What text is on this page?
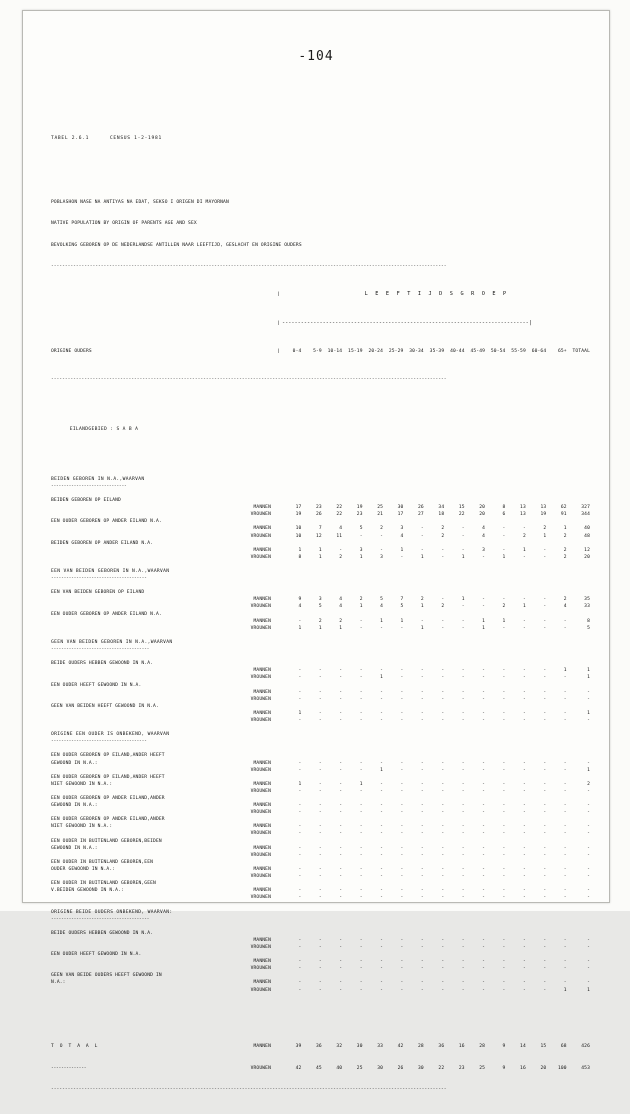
-104

TABEL 2.6.1	CENSUS 1-2-1981

POBLASHON NASE NA ANTIYAS NA EDAT, SEKSO I ORIGEN DI MAYORNAN

NATIVE POPULATION BY ORIGIN OF PARENTS AGE AND SEX

BEVOLKING GEBOREN OP DE NEDERLANDSE ANTILLEN NAAR LEEFTIJD, GESLACHT EN ORIGINE OUDERS

-----------------------------------------------------------------------------------------------------------------------------------------------

|	L E E F T I J D S G R O E P

| -------------------------------------------------------------------------------|

ORIGINE OUDERS	|	0-4	5-9	10-14	15-19	20-24	25-29	30-34	35-39	40-44	45-49	50-54	55-59	60-64	65+	TOTAAL

-----------------------------------------------------------------------------------------------------------------------------------------------

EILANDGEBIED : S A B A

BEIDEN GEBOREN IN N.A.,WAARVAN
------------------------------
BEIDEN GEBOREN OP EILAND
MANNEN
	17	23	22	19	25	30	26	34	15	20	8	13	13	62	327
VROUWEN
	19	26	22	23	21	17	27	18	22	20	6	13	19	91	344
EEN OUDER GEBOREN OP ANDER EILAND N.A.
MANNEN
	10	7	4	5	2	3	-	2	-	4	-	-	2	1	40
VROUWEN
	10	12	11	-	-	4	-	2	-	4	-	2	1	2	48
BEIDEN GEBOREN OP ANDER EILAND N.A.
MANNEN
	1	1	-	3	-	1	-	-	-	3	-	1	-	2	12
VROUWEN
	8	1	2	1	3	-	1	-	1	-	1	-	-	2	20
EEN VAN BEIDEN GEBOREN IN N.A.,WAARVAN
--------------------------------------
EEN VAN BEIDEN GEBOREN OP EILAND
MANNEN
	9	3	4	2	5	7	2	-	1	-	-	-	-	2	35
VROUWEN
	4	5	4	1	4	5	1	2	-	-	2	1	-	4	33
EEN OUDER GEBOREN OP ANDER EILAND N.A.
MANNEN
	-	2	2	-	1	1	-	-	-	1	1	-	-	-	8
VROUWEN
	1	1	1	-	-	-	1	-	-	1	-	-	-	-	5
GEEN VAN BEIDEN GEBOREN IN N.A.,WAARVAN
---------------------------------------
BEIDE OUDERS HEBBEN GEWOOND IN N.A.
MANNEN
	-	-	-	-	-	-	-	-	-	-	-	-	-	1	1
VROUWEN
	-	-	-	-	1	-	-	-	-	-	-	-	-	-	1
EEN OUDER HEEFT GEWOOND IN N.A.
MANNEN
	-	-	-	-	-	-	-	-	-	-	-	-	-	-	-
VROUWEN
	-	-	-	-	-	-	-	-	-	-	-	-	-	-	-
GEEN VAN BEIDEN HEEFT GEWOOND IN N.A.
MANNEN
	1	-	-	-	-	-	-	-	-	-	-	-	-	-	1
VROUWEN
	-	-	-	-	-	-	-	-	-	-	-	-	-	-	-
ORIGINE EEN OUDER IS ONBEKEND, WAARVAN
--------------------------------------
EEN OUDER GEBOREN OP EILAND,ANDER HEEFT
GEWOOND IN N.A.:	MANNEN
	-	-	-	-	-	-	-	-	-	-	-	-	-	-	-
VROUWEN
	-	-	-	-	1	-	-	-	-	-	-	-	-	-	1
EEN OUDER GEBOREN OP EILAND,ANDER HEEFT
NIET GEWOOND IN N.A.:	MANNEN
	1	-	-	1	-	-	-	-	-	-	-	-	-	-	2
VROUWEN
	-	-	-	-	-	-	-	-	-	-	-	-	-	-	-
EEN OUDER GEBOREN OP ANDER EILAND,ANDER
GEWOOND IN N.A.:	MANNEN
	-	-	-	-	-	-	-	-	-	-	-	-	-	-	-
VROUWEN
	-	-	-	-	-	-	-	-	-	-	-	-	-	-	-
EEN OUDER GEBOREN OP ANDER EILAND,ANDER
NIET GEWOOND IN N.A.:	MANNEN
	-	-	-	-	-	-	-	-	-	-	-	-	-	-	-
VROUWEN
	-	-	-	-	-	-	-	-	-	-	-	-	-	-	-
EEN OUDER IN BUITENLAND GEBOREN,BEIDEN
GEWOOND IN N.A.:	MANNEN
	-	-	-	-	-	-	-	-	-	-	-	-	-	-	-
VROUWEN
	-	-	-	-	-	-	-	-	-	-	-	-	-	-	-
EEN OUDER IN BUITENLAND GEBOREN,EEN
OUDER GEWOOND IN N.A.:	MANNEN
	-	-	-	-	-	-	-	-	-	-	-	-	-	-	-
VROUWEN
	-	-	-	-	-	-	-	-	-	-	-	-	-	-	-
EEN OUDER IN BUITENLAND GEBOREN,GEEN
V.BEIDEN GEWOOND IN N.A.:	MANNEN
	-	-	-	-	-	-	-	-	-	-	-	-	-	-	-
VROUWEN
	-	-	-	-	-	-	-	-	-	-	-	-	-	-	-
ORIGINE BEIDE OUDERS ONBEKEND, WAARVAN:
---------------------------------------
BEIDE OUDERS HEBBEN GEWOOND IN N.A.
MANNEN
	-	-	-	-	-	-	-	-	-	-	-	-	-	-	-
VROUWEN
	-	-	-	-	-	-	-	-	-	-	-	-	-	-	-
EEN OUDER HEEFT GEWOOND IN N.A.
MANNEN
	-	-	-	-	-	-	-	-	-	-	-	-	-	-	-
VROUWEN
	-	-	-	-	-	-	-	-	-	-	-	-	-	-	-
GEEN VAN BEIDE OUDERS HEEFT GEWOOND IN
N.A.:	MANNEN
	-	-	-	-	-	-	-	-	-	-	-	-	-	-	-
VROUWEN
	-	-	-	-	-	-	-	-	-	-	-	-	-	1	1

T O T A A L	MANNEN
	39	36	32	30	33	42	28	36	16	28	9	14	15	68	426

--------------	VROUWEN
	42	45	40	25	30	26	30	22	23	25	9	16	20	100	453

-----------------------------------------------------------------------------------------------------------------------------------------------
